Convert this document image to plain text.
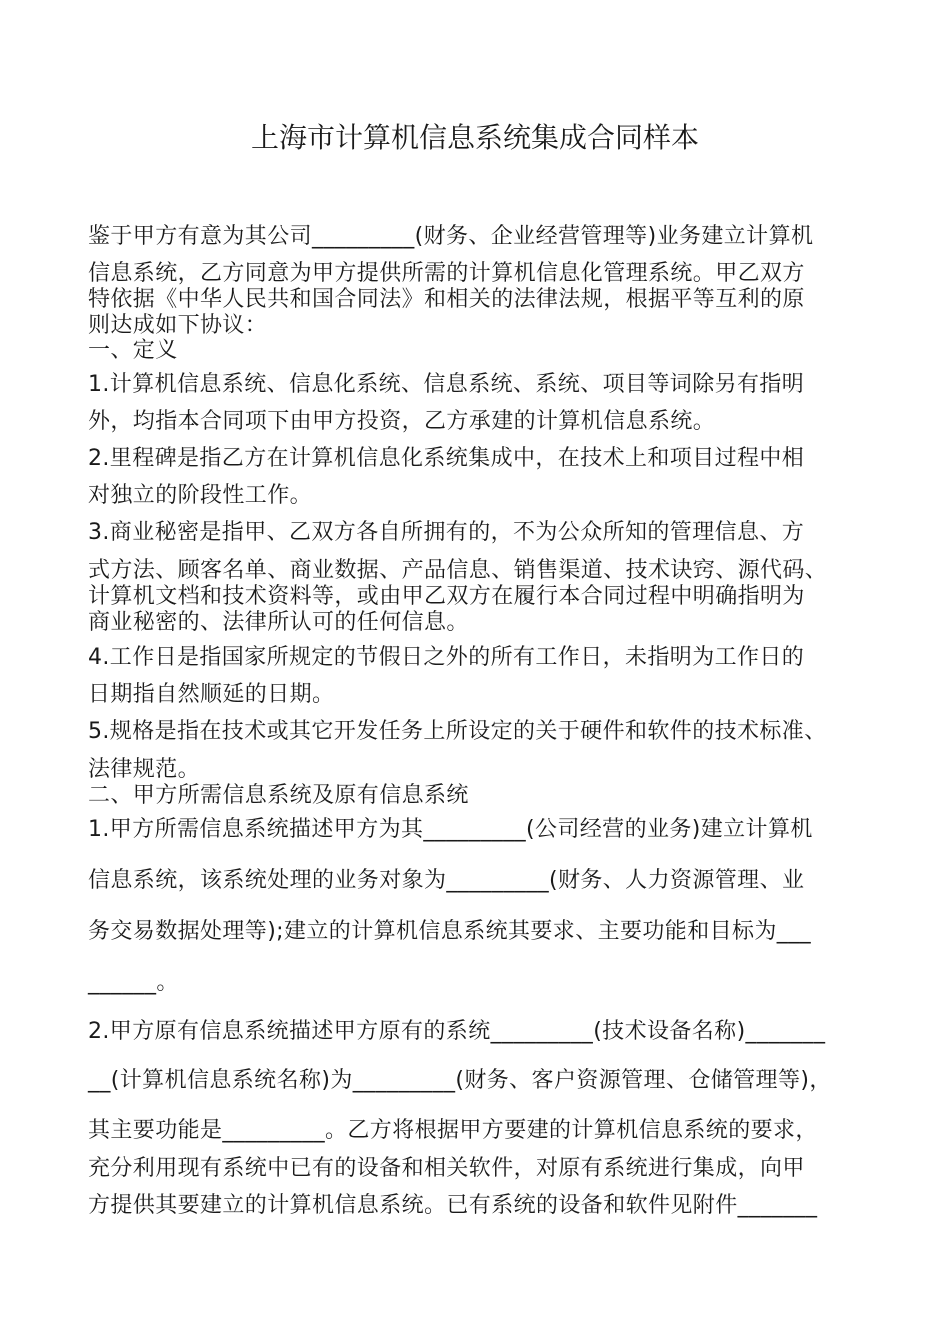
上海市计算机信息系统集成合同样本
鉴于甲方有意为其公司_________(财务、企业经营管理等)业务建立计算机
信息系统，乙方同意为甲方提供所需的计算机信息化管理系统。甲乙双方
特依据《中华人民共和国合同法》和相关的法律法规，根据平等互利的原
则达成如下协议：
一、定义
1.计算机信息系统、信息化系统、信息系统、系统、项目等词除另有指明
外，均指本合同项下由甲方投资，乙方承建的计算机信息系统。
2.里程碑是指乙方在计算机信息化系统集成中，在技术上和项目过程中相
对独立的阶段性工作。
3.商业秘密是指甲、乙双方各自所拥有的，不为公众所知的管理信息、方
式方法、顾客名单、商业数据、产品信息、销售渠道、技术诀窍、源代码、
计算机文档和技术资料等，或由甲乙双方在履行本合同过程中明确指明为
商业秘密的、法律所认可的任何信息。
4.工作日是指国家所规定的节假日之外的所有工作日，未指明为工作日的
日期指自然顺延的日期。
5.规格是指在技术或其它开发任务上所设定的关于硬件和软件的技术标准、
法律规范。
二、甲方所需信息系统及原有信息系统
1.甲方所需信息系统描述甲方为其_________(公司经营的业务)建立计算机
信息系统，该系统处理的业务对象为_________(财务、人力资源管理、业
务交易数据处理等);建立的计算机信息系统其要求、主要功能和目标为___
______。
2.甲方原有信息系统描述甲方原有的系统_________(技术设备名称)_______
__(计算机信息系统名称)为_________(财务、客户资源管理、仓储管理等)，
其主要功能是_________。乙方将根据甲方要建的计算机信息系统的要求，
充分利用现有系统中已有的设备和相关软件，对原有系统进行集成，向甲
方提供其要建立的计算机信息系统。已有系统的设备和软件见附件_______
